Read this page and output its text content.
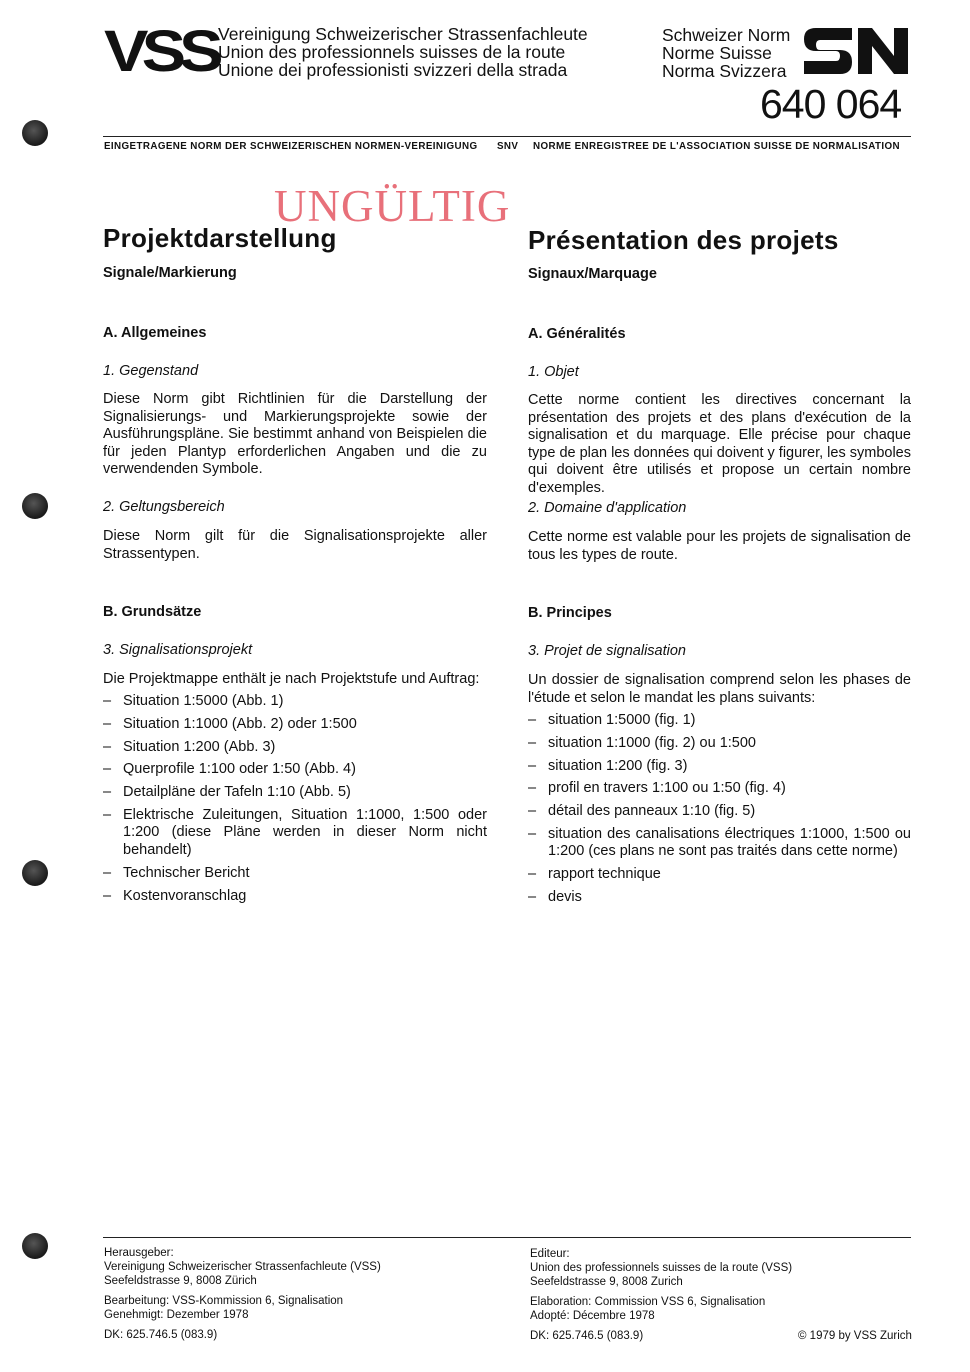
VSS Vereinigung Schweizerischer Strassenfachleute
Union des professionnels suisses de la route
Unione dei professionisti svizzeri della strada
Schweizer Norm
Norme Suisse
Norma Svizzera
640 064
EINGETRAGENE NORM DER SCHWEIZERISCHEN NORMEN-VEREINIGUNG SNV NORME ENREGISTREE DE L'ASSOCIATION SUISSE DE NORMALISATION
UNGÜLTIG
Projektdarstellung
Signale/Markierung
A. Allgemeines
1. Gegenstand
Diese Norm gibt Richtlinien für die Darstellung der Signalisierungs- und Markierungsprojekte sowie der Ausführungspläne. Sie bestimmt anhand von Beispielen die für jeden Plantyp erforderlichen Angaben und die zu verwendenden Symbole.
2. Geltungsbereich
Diese Norm gilt für die Signalisationsprojekte aller Strassentypen.
B. Grundsätze
3. Signalisationsprojekt
Die Projektmappe enthält je nach Projektstufe und Auftrag:
– Situation 1:5000 (Abb. 1)
– Situation 1:1000 (Abb. 2) oder 1:500
– Situation 1:200 (Abb. 3)
– Querprofile 1:100 oder 1:50 (Abb. 4)
– Detailpläne der Tafeln 1:10 (Abb. 5)
– Elektrische Zuleitungen, Situation 1:1000, 1:500 oder 1:200 (diese Pläne werden in dieser Norm nicht behandelt)
– Technischer Bericht
– Kostenvoranschlag
Présentation des projets
Signaux/Marquage
A. Généralités
1. Objet
Cette norme contient les directives concernant la présentation des projets et des plans d'exécution de la signalisation et du marquage. Elle précise pour chaque type de plan les données qui doivent y figurer, les symboles qui doivent être utilisés et propose un certain nombre d'exemples.
2. Domaine d'application
Cette norme est valable pour les projets de signalisation de tous les types de route.
B. Principes
3. Projet de signalisation
Un dossier de signalisation comprend selon les phases de l'étude et selon le mandat les plans suivants:
– situation 1:5000 (fig. 1)
– situation 1:1000 (fig. 2) ou 1:500
– situation 1:200 (fig. 3)
– profil en travers 1:100 ou 1:50 (fig. 4)
– détail des panneaux 1:10 (fig. 5)
– situation des canalisations électriques 1:1000, 1:500 ou 1:200 (ces plans ne sont pas traités dans cette norme)
– rapport technique
– devis

Herausgeber:

Vereinigung Schweizerischer Strassenfachleute (VSS)

Seefeldstrasse 9, 8008 Zürich

Bearbeitung: VSS-Kommission 6, Signalisation

Genehmigt: Dezember 1978

DK: 625.746.5 (083.9)

Editeur:

Union des professionnels suisses de la route (VSS)

Seefeldstrasse 9, 8008 Zurich

Elaboration: Commission VSS 6, Signalisation

Adopté: Décembre 1978

DK: 625.746.5 (083.9)	© 1979 by VSS Zurich
